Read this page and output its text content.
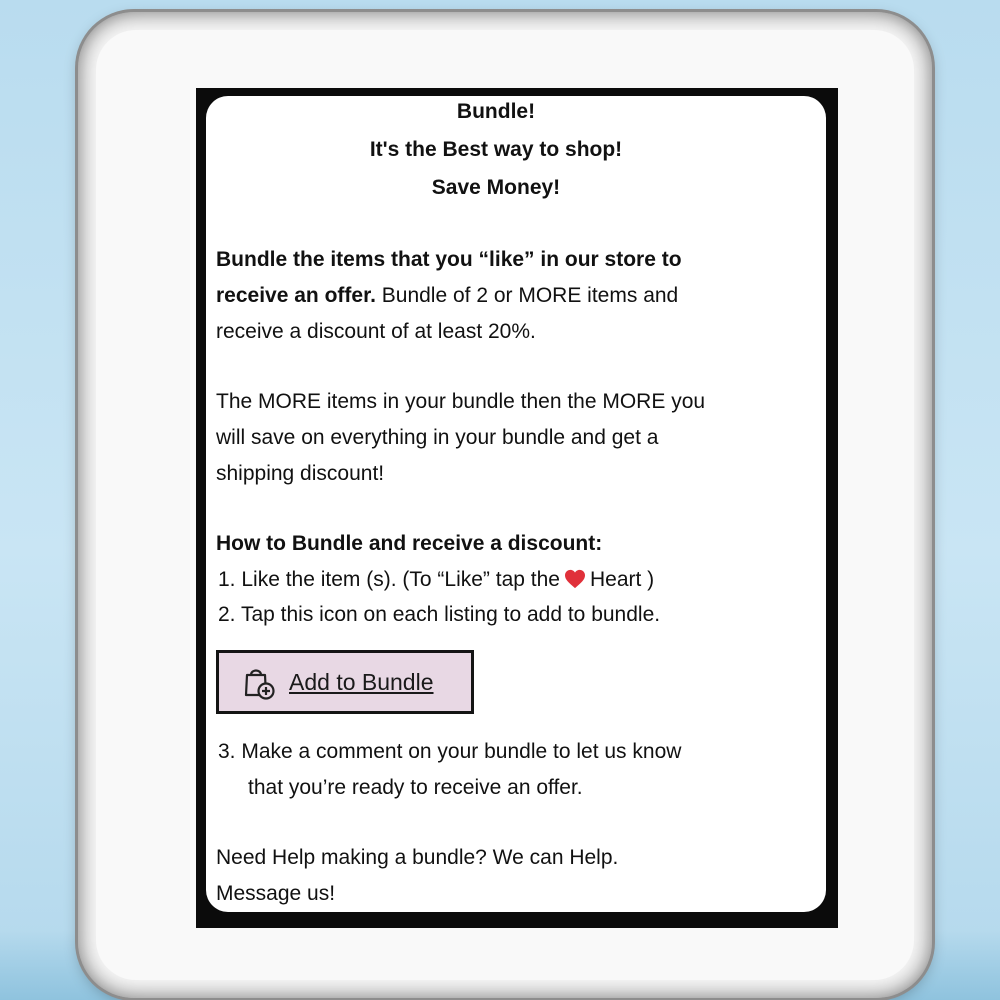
Bundle!
It's the Best way to shop!
Save Money!
Bundle the items that you “like” in our store to
receive an offer. Bundle of 2 or MORE items and
receive a discount of at least 20%.
The MORE items in your bundle then the MORE you
will save on everything in your bundle and get a
shipping discount!
How to Bundle and receive a discount:
1. Like the item (s). (To “Like” tap the Heart )
2. Tap this icon on each listing to add to bundle.
Add to Bundle
3. Make a comment on your bundle to let us know
that you’re ready to receive an offer.
Need Help making a bundle? We can Help.
Message us!
